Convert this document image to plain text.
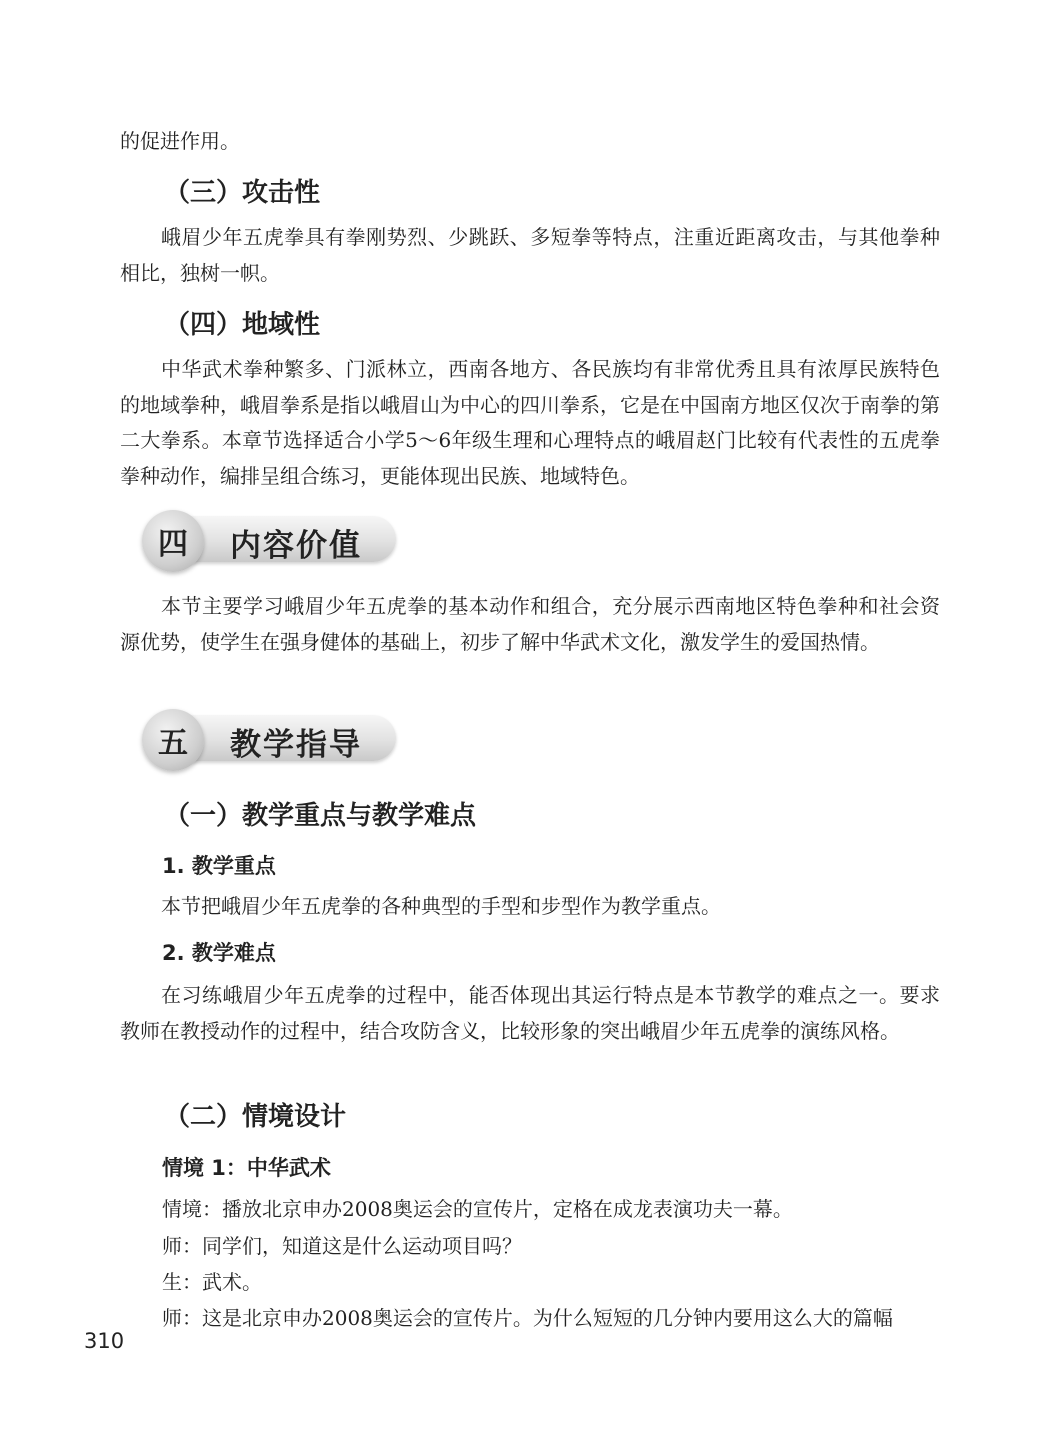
的促进作用。

（三）攻击性

峨眉少年五虎拳具有拳刚势烈、少跳跃、多短拳等特点，注重近距离攻击，与其他拳种相比，独树一帜。

（四）地域性

中华武术拳种繁多、门派林立，西南各地方、各民族均有非常优秀且具有浓厚民族特色的地域拳种，峨眉拳系是指以峨眉山为中心的四川拳系，它是在中国南方地区仅次于南拳的第二大拳系。本章节选择适合小学5～6年级生理和心理特点的峨眉赵门比较有代表性的五虎拳拳种动作，编排呈组合练习，更能体现出民族、地域特色。

四	内容价值

本节主要学习峨眉少年五虎拳的基本动作和组合，充分展示西南地区特色拳种和社会资源优势，使学生在强身健体的基础上，初步了解中华武术文化，激发学生的爱国热情。

五	教学指导
（一）教学重点与教学难点
1. 教学重点

本节把峨眉少年五虎拳的各种典型的手型和步型作为教学重点。

2. 教学难点

在习练峨眉少年五虎拳的过程中，能否体现出其运行特点是本节教学的难点之一。要求教师在教授动作的过程中，结合攻防含义，比较形象的突出峨眉少年五虎拳的演练风格。

（二）情境设计
情境 1：中华武术

情境：播放北京申办2008奥运会的宣传片，定格在成龙表演功夫一幕。

师：同学们，知道这是什么运动项目吗？

生：武术。

师：这是北京申办2008奥运会的宣传片。为什么短短的几分钟内要用这么大的篇幅

310
